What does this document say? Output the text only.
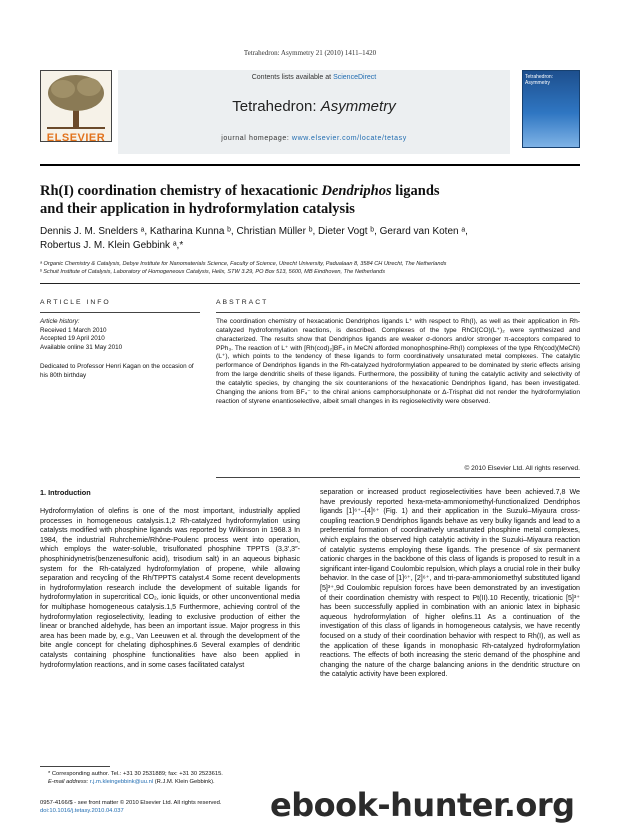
Tetrahedron: Asymmetry 21 (2010) 1411–1420
ELSEVIER
Contents lists available at ScienceDirect
Tetrahedron: Asymmetry
journal homepage: www.elsevier.com/locate/tetasy
Tetrahedron: Asymmetry
Rh(I) coordination chemistry of hexacationic Dendriphos ligands
and their application in hydroformylation catalysis
Dennis J. M. Snelders ᵃ, Katharina Kunna ᵇ, Christian Müller ᵇ, Dieter Vogt ᵇ, Gerard van Koten ᵃ,
Robertus J. M. Klein Gebbink ᵃ,*
ᵃ Organic Chemistry & Catalysis, Debye Institute for Nanomaterials Science, Faculty of Science, Utrecht University, Padualaan 8, 3584 CH Utrecht, The Netherlands
ᵇ Schuit Institute of Catalysis, Laboratory of Homogeneous Catalysis, Helix, STW 3.29, PO Box 513, 5600, MB Eindhoven, The Netherlands
ARTICLE INFO	ABSTRACT
Article history:
Received 1 March 2010
Accepted 19 April 2010
Available online 31 May 2010
Dedicated to Professor Henri Kagan on the occasion of his 80th birthday
The coordination chemistry of hexacationic Dendriphos ligands L⁺ with respect to Rh(I), as well as their application in Rh-catalyzed hydroformylation reactions, is described. Complexes of the type RhCl(CO)(L⁺)₂ were synthesized and characterized. The results show that Dendriphos ligands are weaker σ-donors and/or stronger π-acceptors compared to PPh₃. The reaction of L⁺ with [Rh(cod)₂]BF₄ in MeCN afforded monophosphine-Rh(I) complexes of the type Rh(cod)(MeCN)(L⁺), which points to the tendency of these ligands to form coordinatively unsaturated metal complexes. The catalytic performance of Dendriphos ligands in the Rh-catalyzed hydroformylation appeared to be dominated by steric effects arising from the large dendritic shells of these ligands. Furthermore, the possibility of tuning the catalytic activity and selectivity of the catalytic species, by changing the six counteranions of the hexacationic Dendriphos ligand, has been investigated. Changing the anions from BF₄⁻ to the chiral anions camphorsulphonate or Δ-Trisphat did not render the hydroformylation reaction of styrene enantioselective, albeit small changes in its regioselectivity were observed.
© 2010 Elsevier Ltd. All rights reserved.
1. Introduction
Hydroformylation of olefins is one of the most important, industrially applied processes in homogeneous catalysis.1,2 Rh-catalyzed hydroformylation using catalysts modified with phosphine ligands was reported by Wilkinson in 1968.3 In 1984, the industrial Ruhrchemie/Rhône-Poulenc process went into operation, which employs the water-soluble, trisulfonated phosphine TPPTS (3,3′,3″-phosphinidynetris(benzenesulfonic acid), trisodium salt) in an aqueous biphasic system for the Rh-catalyzed hydroformylation of propene, while allowing separation and recycling of the Rh/TPPTS catalyst.4 Some recent developments in hydroformylation research include the development of suitable ligands for hydroformylation in supercritical CO₂, ionic liquids, or other unconventional media for multiphase homogeneous catalysis.1,5 Furthermore, achieving control of the hydroformylation regioselectivity, leading to exclusive production of either the linear or branched aldehyde, has been an important issue. Major progress in this area has been made by, e.g., Van Leeuwen et al. through the development of the bite angle concept for chelating diphosphines.6 Several examples of dendritic catalysts containing phosphine functionalities have also been applied in hydroformylation reactions, and in some cases facilitated catalyst
separation or increased product regioselectivities have been achieved.7,8 We have previously reported hexa-meta-ammoniomethyl-functionalized Dendriphos ligands [1]⁶⁺–[4]⁶⁺ (Fig. 1) and their application in the Suzuki–Miyaura cross-coupling reaction.9 Dendriphos ligands behave as very bulky ligands and lead to a preferential formation of coordinatively unsaturated phosphine metal complexes, which explains the observed high catalytic activity in the Suzuki–Miyaura reaction of catalytic systems employing these ligands. The presence of six permanent cationic charges in the backbone of this class of ligands is proposed to result in a significant inter-ligand Coulombic repulsion, which plays a crucial role in their bulky behavior. In the case of [1]⁶⁺, [2]⁶⁺, and tri-para-ammoniomethyl substituted ligand [5]³⁺,9d Coulombic repulsion forces have been demonstrated by an investigation of their coordination chemistry with respect to Pt(II).10 Recently, tricationic [5]³⁺ has been successfully applied in combination with an anionic latex in biphasic aqueous hydroformylation of higher olefins.11 As a continuation of the investigation of this class of ligands in homogeneous catalysis, we have recently focused on a study of their coordination behavior with respect to Rh(I), as well as the application of these ligands in monophasic Rh-catalyzed hydroformylation reactions. The effects of both increasing the steric demand of the phosphine and changing the nature of the charge balancing anions in the dendritic structure on the catalytic activity have been explored.
* Corresponding author. Tel.: +31 30 2531889; fax: +31 30 2523615.
E-mail address: r.j.m.kleingebbink@uu.nl (R.J.M. Klein Gebbink).
0957-4166/$ - see front matter © 2010 Elsevier Ltd. All rights reserved.
doi:10.1016/j.tetasy.2010.04.037	ebook-hunter.org
